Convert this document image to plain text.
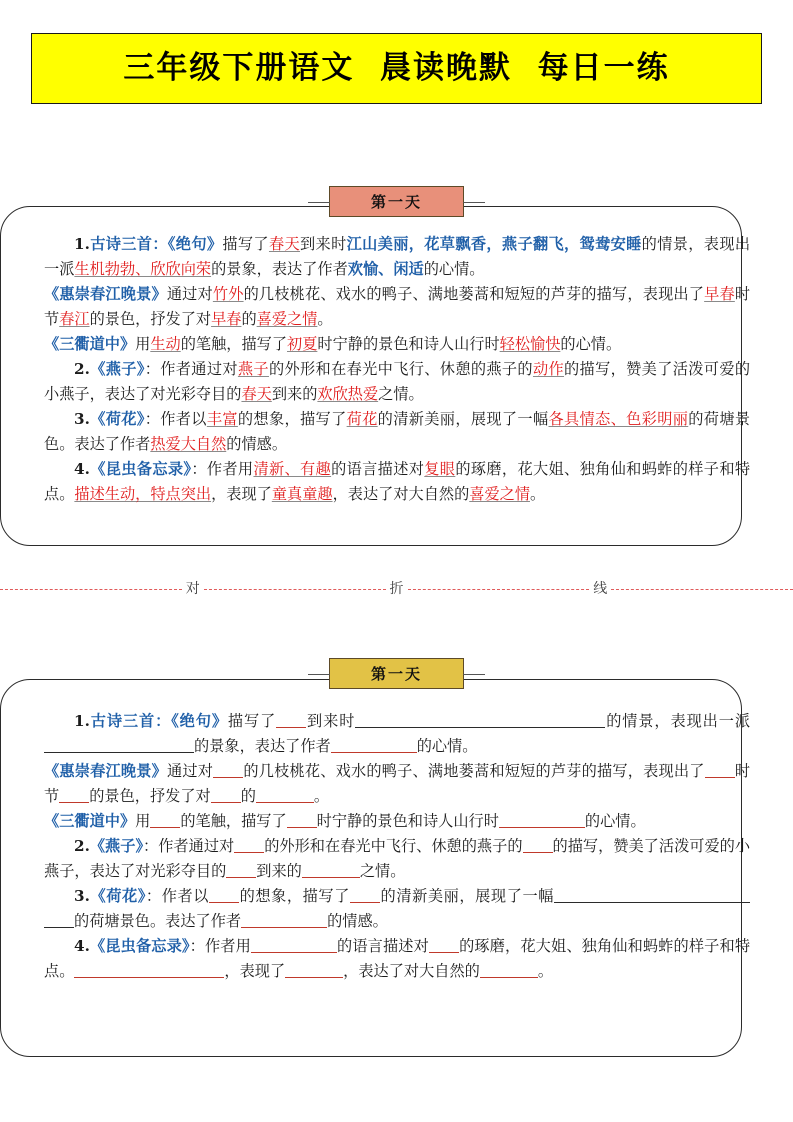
三年级下册语文  晨读晚默  每日一练
第一天

1.古诗三首：《绝句》描写了春天到来时江山美丽，花草飘香，燕子翻飞，鸳鸯安睡的情景，表现出一派生机勃勃、欣欣向荣的景象，表达了作者欢愉、闲适的心情。

《惠崇春江晚景》通过对竹外的几枝桃花、戏水的鸭子、满地蒌蒿和短短的芦芽的描写，表现出了早春时节春江的景色，抒发了对早春的喜爱之情。

《三衢道中》用生动的笔触，描写了初夏时宁静的景色和诗人山行时轻松愉快的心情。

2.《燕子》：作者通过对燕子的外形和在春光中飞行、休憩的燕子的动作的描写，赞美了活泼可爱的小燕子，表达了对光彩夺目的春天到来的欢欣热爱之情。

3.《荷花》：作者以丰富的想象，描写了荷花的清新美丽，展现了一幅各具情态、色彩明丽的荷塘景色。表达了作者热爱大自然的情感。

4.《昆虫备忘录》：作者用清新、有趣的语言描述对复眼的琢磨，花大姐、独角仙和蚂蚱的样子和特点。描述生动，特点突出，表现了童真童趣，表达了对大自然的喜爱之情。

对	折	线
第一天

1.古诗三首：《绝句》描写了 到来时	的情景，表现出一派的景象，表达了作者	的心情。

《惠崇春江晚景》通过对 的几枝桃花、戏水的鸭子、满地蒌蒿和短短的芦芽的描写，表现出了 时节 的景色，抒发了对 的	。

《三衢道中》用 的笔触，描写了 时宁静的景色和诗人山行时	的心情。

2.《燕子》：作者通过对 的外形和在春光中飞行、休憩的燕子的 的描写，赞美了活泼可爱的小燕子，表达了对光彩夺目的 到来的	之情。

3.《荷花》：作者以 的想象，描写了 的清新美丽，展现了一幅的荷塘景色。表达了作者	的情感。

4.《昆虫备忘录》：作者用	的语言描述对 的琢磨，花大姐、独角仙和蚂蚱的样子和特点。	，表现了	，表达了对大自然的	。
